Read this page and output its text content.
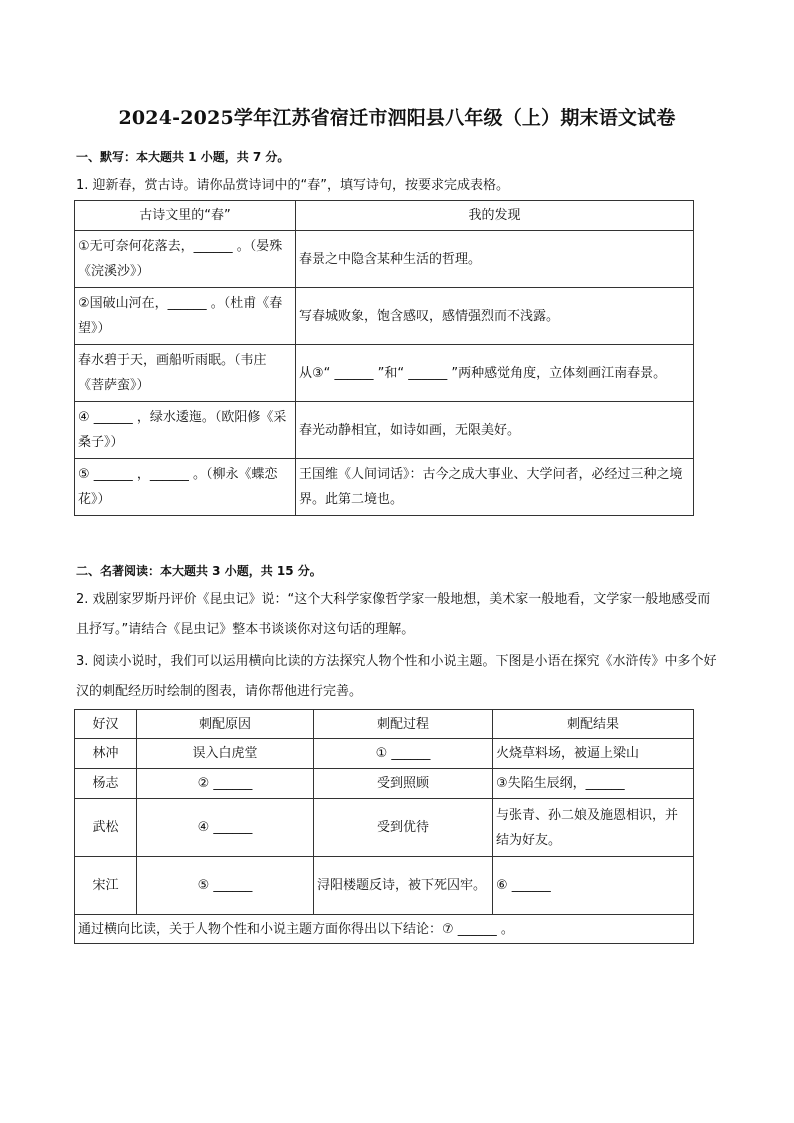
2024-2025学年江苏省宿迁市泗阳县八年级（上）期末语文试卷
一、默写：本大题共 1 小题，共 7 分。
1. 迎新春，赏古诗。请你品赏诗词中的“春”，填写诗句，按要求完成表格。
古诗文里的“春”	我的发现
①无可奈何花落去，______ 。（晏殊《浣溪沙》）	春景之中隐含某种生活的哲理。
②国破山河在，______ 。（杜甫《春望》）	写春城败象，饱含感叹，感情强烈而不浅露。
春水碧于天，画船听雨眠。（韦庄《菩萨蛮》）	从③“ ______ ”和“ ______ ”两种感觉角度，立体刻画江南春景。
④ ______ ，绿水逶迤。（欧阳修《采桑子》）	春光动静相宜，如诗如画，无限美好。
⑤ ______ ，______ 。（柳永《蝶恋花》）	王国维《人间词话》：古今之成大事业、大学问者，必经过三种之境界。此第二境也。
二、名著阅读：本大题共 3 小题，共 15 分。
2. 戏剧家罗斯丹评价《昆虫记》说：“这个大科学家像哲学家一般地想，美术家一般地看，文学家一般地感受而且抒写。”请结合《昆虫记》整本书谈谈你对这句话的理解。
3. 阅读小说时，我们可以运用横向比读的方法探究人物个性和小说主题。下图是小语在探究《水浒传》中多个好汉的刺配经历时绘制的图表，请你帮他进行完善。
好汉	刺配原因	刺配过程	刺配结果
林冲	误入白虎堂	① ______	火烧草料场，被逼上梁山
杨志	② ______	受到照顾	③失陷生辰纲，______
武松	④ ______	受到优待	与张青、孙二娘及施恩相识，并结为好友。
宋江	⑤ ______	浔阳楼题反诗，被下死囚牢。	⑥ ______
通过横向比读，关于人物个性和小说主题方面你得出以下结论：⑦ ______ 。			
